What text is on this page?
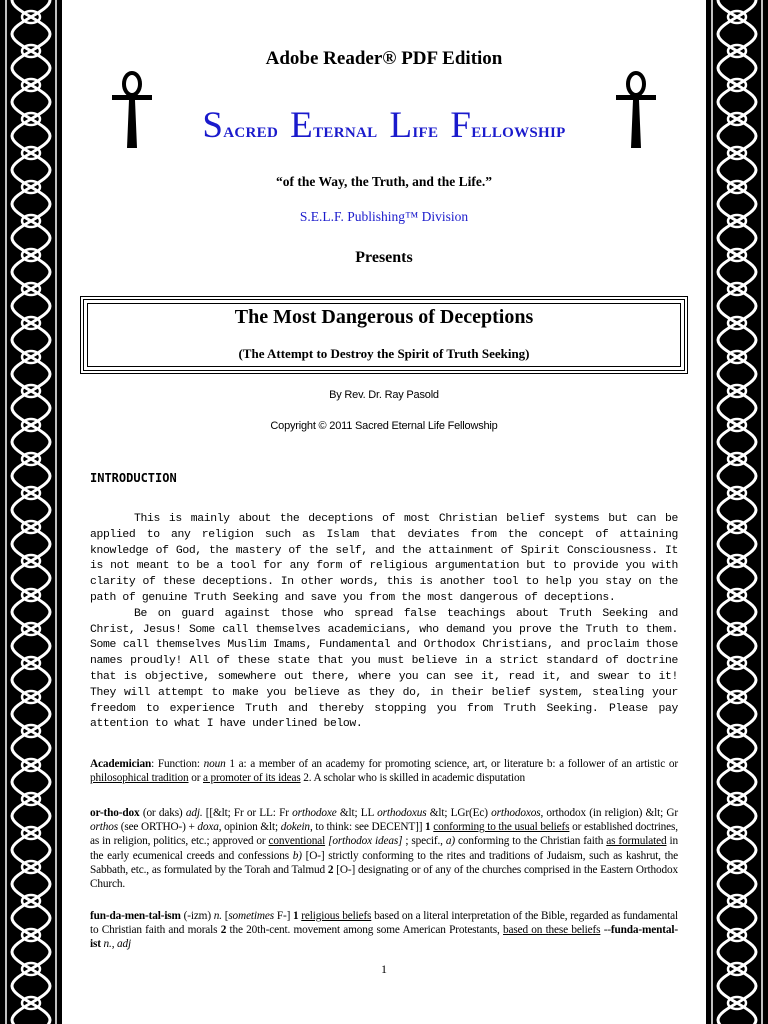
Adobe Reader® PDF Edition
SACRED ETERNAL LIFE FELLOWSHIP
“of the Way, the Truth, and the Life.”
S.E.L.F. Publishing™ Division
Presents
The Most Dangerous of Deceptions
(The Attempt to Destroy the Spirit of Truth Seeking)
By Rev. Dr. Ray Pasold
Copyright © 2011 Sacred Eternal Life Fellowship
INTRODUCTION

This is mainly about the deceptions of most Christian belief systems but can be applied to any religion such as Islam that deviates from the concept of attaining knowledge of God, the mastery of the self, and the attainment of Spirit Consciousness. It is not meant to be a tool for any form of religious argumentation but to provide you with clarity of these deceptions. In other words, this is another tool to help you stay on the path of genuine Truth Seeking and save you from the most dangerous of deceptions.

Be on guard against those who spread false teachings about Truth Seeking and Christ, Jesus! Some call themselves academicians, who demand you prove the Truth to them. Some call themselves Muslim Imams, Fundamental and Orthodox Christians, and proclaim those names proudly! All of these state that you must believe in a strict standard of doctrine that is objective, somewhere out there, where you can see it, read it, and swear to it! They will attempt to make you believe as they do, in their belief system, stealing your freedom to experience Truth and thereby stopping you from Truth Seeking. Please pay attention to what I have underlined below.

Academician: Function: noun 1 a: a member of an academy for promoting science, art, or literature b: a follower of an artistic or philosophical tradition or a promoter of its ideas 2. A scholar who is skilled in academic disputation
or-tho-dox (or daks) adj. [[&lt; Fr or LL: Fr orthodoxe &lt; LL orthodoxus &lt; LGr(Ec) orthodoxos, orthodox (in religion) &lt; Gr orthos (see ORTHO-) + doxa, opinion &lt; dokein, to think: see DECENT]] 1 conforming to the usual beliefs or established doctrines, as in religion, politics, etc.; approved or conventional [orthodox ideas] ; specif., a) conforming to the Christian faith as formulated in the early ecumenical creeds and confessions b) [O-] strictly conforming to the rites and traditions of Judaism, such as kashrut, the Sabbath, etc., as formulated by the Torah and Talmud 2 [O-] designating or of any of the churches comprised in the Eastern Orthodox Church.
fun-da-men-tal-ism (-izm) n. [sometimes F-] 1 religious beliefs based on a literal interpretation of the Bible, regarded as fundamental to Christian faith and morals 2 the 20th-cent. movement among some American Protestants, based on these beliefs --funda-mental-ist n., adj
1
